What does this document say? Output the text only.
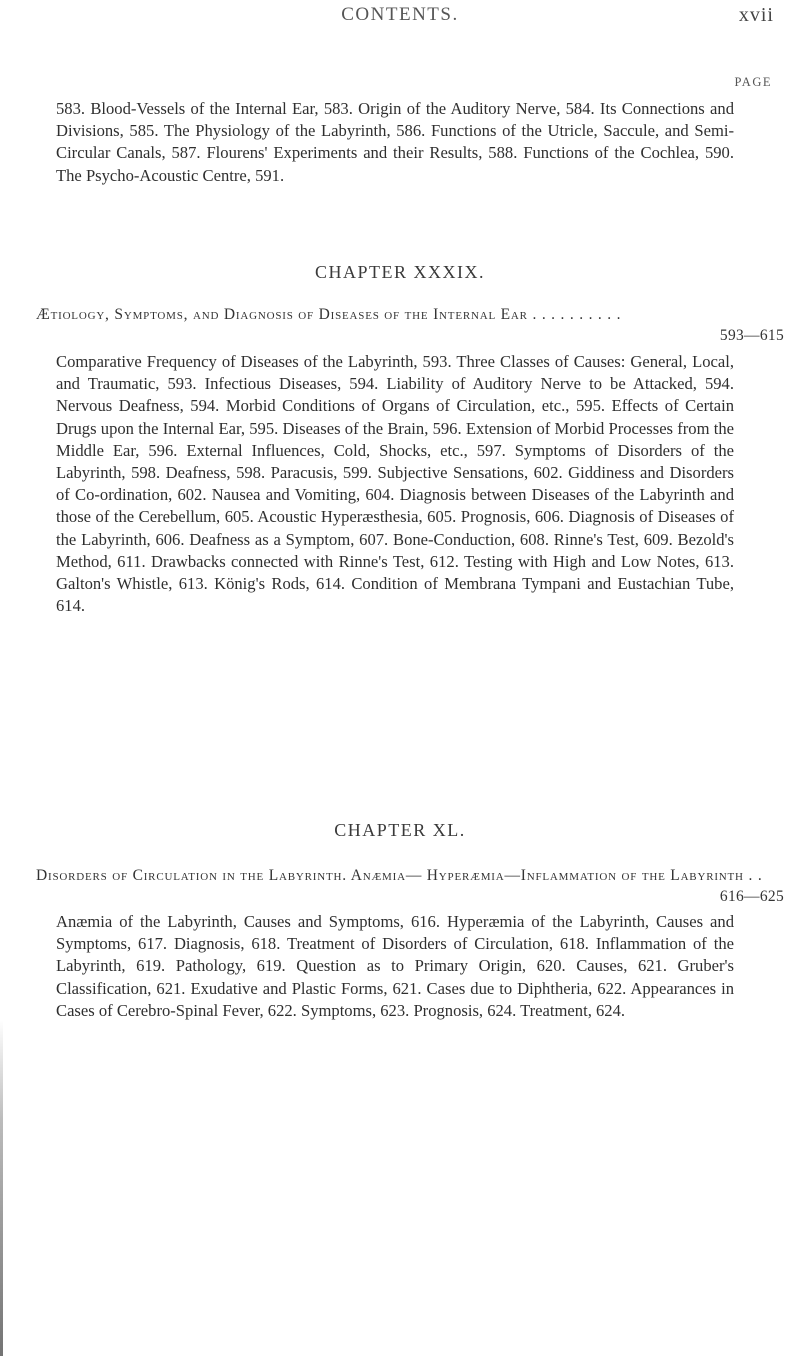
CONTENTS.	xvii
PAGE

583. Blood-Vessels of the Internal Ear, 583. Origin of the Auditory Nerve, 584. Its Connections and Divisions, 585. The Physiology of the Labyrinth, 586. Functions of the Utricle, Saccule, and Semi-Circular Canals, 587. Flourens' Experiments and their Results, 588. Functions of the Cochlea, 590. The Psycho-Acoustic Centre, 591.

CHAPTER XXXIX.
Ætiology, Symptoms, and Diagnosis of Diseases of the Internal Ear . . . . . . . . . .
593—615

Comparative Frequency of Diseases of the Labyrinth, 593. Three Classes of Causes: General, Local, and Traumatic, 593. Infectious Diseases, 594. Liability of Auditory Nerve to be Attacked, 594. Nervous Deafness, 594. Morbid Conditions of Organs of Circulation, etc., 595. Effects of Certain Drugs upon the Internal Ear, 595. Diseases of the Brain, 596. Extension of Morbid Processes from the Middle Ear, 596. External Influences, Cold, Shocks, etc., 597. Symptoms of Disorders of the Labyrinth, 598. Deafness, 598. Paracusis, 599. Subjective Sensations, 602. Giddiness and Disorders of Co-ordination, 602. Nausea and Vomiting, 604. Diagnosis between Diseases of the Labyrinth and those of the Cerebellum, 605. Acoustic Hyperæsthesia, 605. Prognosis, 606. Diagnosis of Diseases of the Labyrinth, 606. Deafness as a Symptom, 607. Bone-Conduction, 608. Rinne's Test, 609. Bezold's Method, 611. Drawbacks connected with Rinne's Test, 612. Testing with High and Low Notes, 613. Galton's Whistle, 613. König's Rods, 614. Condition of Membrana Tympani and Eustachian Tube, 614.

CHAPTER XL.
Disorders of Circulation in the Labyrinth. Anæmia— Hyperæmia—Inflammation of the Labyrinth . .
616—625

Anæmia of the Labyrinth, Causes and Symptoms, 616. Hyperæmia of the Labyrinth, Causes and Symptoms, 617. Diagnosis, 618. Treatment of Disorders of Circulation, 618. Inflammation of the Labyrinth, 619. Pathology, 619. Question as to Primary Origin, 620. Causes, 621. Gruber's Classification, 621. Exudative and Plastic Forms, 621. Cases due to Diphtheria, 622. Appearances in Cases of Cerebro-Spinal Fever, 622. Symptoms, 623. Prognosis, 624. Treatment, 624.
